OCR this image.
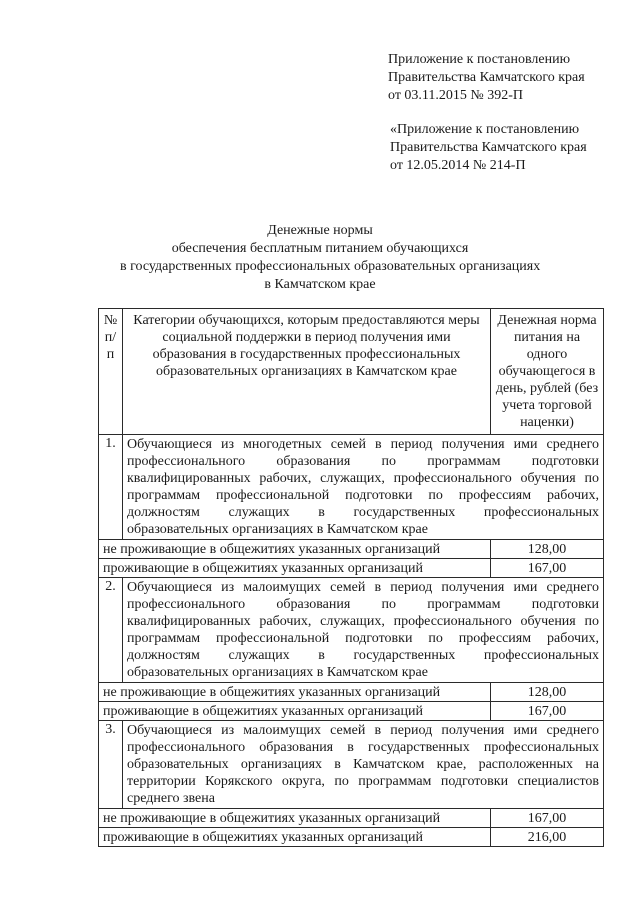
Приложение к постановлению
Правительства Камчатского края
от 03.11.2015 № 392-П
«Приложение к постановлению
Правительства Камчатского края
от 12.05.2014 № 214-П
Денежные нормы
обеспечения бесплатным питанием обучающихся
в государственных профессиональных образовательных организациях
в Камчатском крае
№ п/п	Категории обучающихся, которым предоставляются меры социальной поддержки в период получения ими образования в государственных профессиональных образовательных организациях в Камчатском крае	Денежная норма питания на одного обучающегося в день, рублей (без учета торговой наценки)
1.	Обучающиеся из многодетных семей в период получения ими среднего профессионального образования по программам подготовки квалифицированных рабочих, служащих, профессионального обучения по программам профессиональной подготовки по профессиям рабочих, должностям служащих в государственных профессиональных образовательных организациях в Камчатском крае	
не проживающие в общежитиях указанных организаций		128,00
проживающие в общежитиях указанных организаций		167,00
2.	Обучающиеся из малоимущих семей в период получения ими среднего профессионального образования по программам подготовки квалифицированных рабочих, служащих, профессионального обучения по программам профессиональной подготовки по профессиям рабочих, должностям служащих в государственных профессиональных образовательных организациях в Камчатском крае	
не проживающие в общежитиях указанных организаций		128,00
проживающие в общежитиях указанных организаций		167,00
3.	Обучающиеся из малоимущих семей в период получения ими среднего профессионального образования в государственных профессиональных образовательных организациях в Камчатском крае, расположенных на территории Корякского округа, по программам подготовки специалистов среднего звена	
не проживающие в общежитиях указанных организаций		167,00
проживающие в общежитиях указанных организаций		216,00
